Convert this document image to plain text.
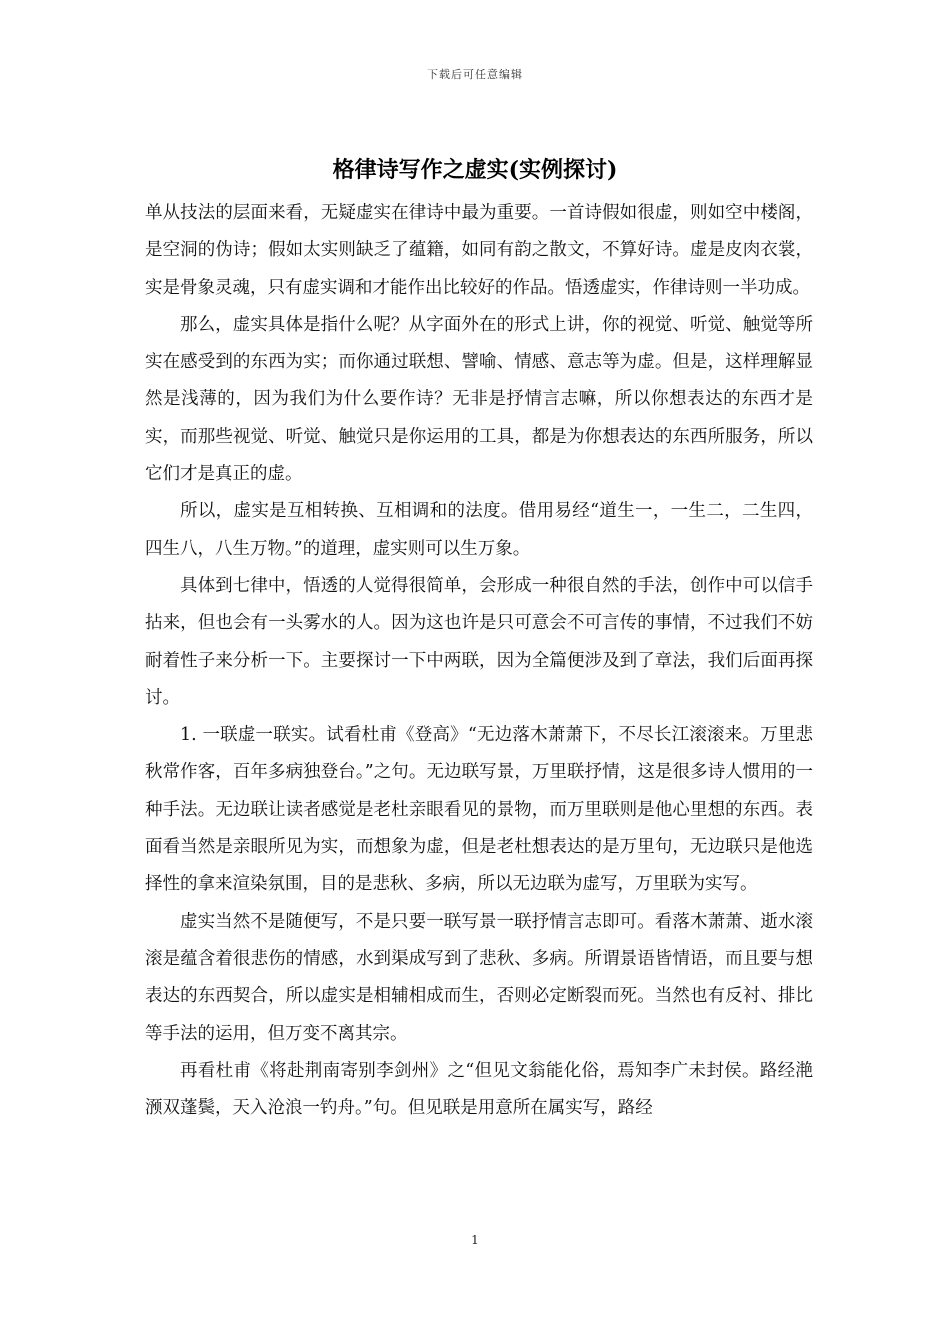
下载后可任意编辑
格律诗写作之虚实(实例探讨)

单从技法的层面来看，无疑虚实在律诗中最为重要。一首诗假如很虚，则如空中楼阁，是空洞的伪诗；假如太实则缺乏了蕴籍，如同有韵之散文，不算好诗。虚是皮肉衣裳，实是骨象灵魂，只有虚实调和才能作出比较好的作品。悟透虚实，作律诗则一半功成。

那么，虚实具体是指什么呢？从字面外在的形式上讲，你的视觉、听觉、触觉等所实在感受到的东西为实；而你通过联想、譬喻、情感、意志等为虚。但是，这样理解显然是浅薄的，因为我们为什么要作诗？无非是抒情言志嘛，所以你想表达的东西才是实，而那些视觉、听觉、触觉只是你运用的工具，都是为你想表达的东西所服务，所以它们才是真正的虚。

所以，虚实是互相转换、互相调和的法度。借用易经“道生一，一生二，二生四，四生八，八生万物。”的道理，虚实则可以生万象。

具体到七律中，悟透的人觉得很简单，会形成一种很自然的手法，创作中可以信手拈来，但也会有一头雾水的人。因为这也许是只可意会不可言传的事情，不过我们不妨耐着性子来分析一下。主要探讨一下中两联，因为全篇便涉及到了章法，我们后面再探讨。

1. 一联虚一联实。试看杜甫《登高》“无边落木萧萧下，不尽长江滚滚来。万里悲秋常作客，百年多病独登台。”之句。无边联写景，万里联抒情，这是很多诗人惯用的一种手法。无边联让读者感觉是老杜亲眼看见的景物，而万里联则是他心里想的东西。表面看当然是亲眼所见为实，而想象为虚，但是老杜想表达的是万里句，无边联只是他选择性的拿来渲染氛围，目的是悲秋、多病，所以无边联为虚写，万里联为实写。

虚实当然不是随便写，不是只要一联写景一联抒情言志即可。看落木萧萧、逝水滚滚是蕴含着很悲伤的情感，水到渠成写到了悲秋、多病。所谓景语皆情语，而且要与想表达的东西契合，所以虚实是相辅相成而生，否则必定断裂而死。当然也有反衬、排比等手法的运用，但万变不离其宗。

再看杜甫《将赴荆南寄别李剑州》之“但见文翁能化俗，焉知李广未封侯。路经滟滪双蓬鬓，天入沧浪一钓舟。”句。但见联是用意所在属实写，路经

1
